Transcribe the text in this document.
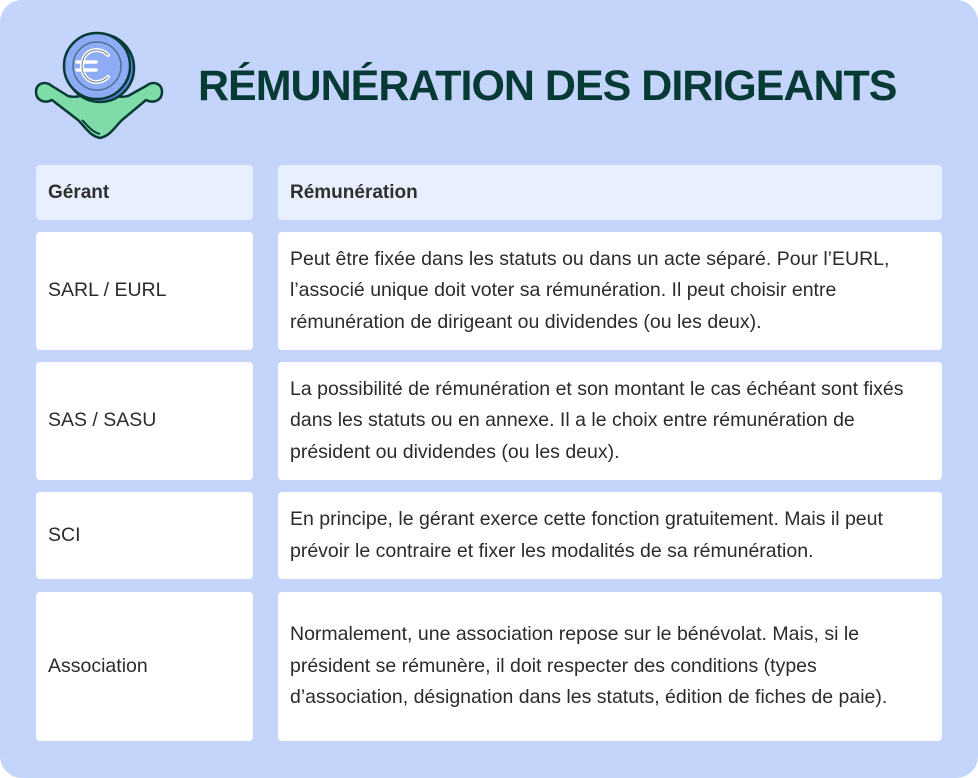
RÉMUNÉRATION DES DIRIGEANTS
Gérant	Rémunération
SARL / EURL
Peut être fixée dans les statuts ou dans un acte séparé. Pour l’EURL, l’associé unique doit voter sa rémunération. Il peut choisir entre rémunération de dirigeant ou dividendes (ou les deux).
SAS / SASU
La possibilité de rémunération et son montant le cas échéant sont fixés dans les statuts ou en annexe. Il a le choix entre rémunération de président ou dividendes (ou les deux).
SCI
En principe, le gérant exerce cette fonction gratuitement. Mais il peut prévoir le contraire et fixer les modalités de sa rémunération.
Association
Normalement, une association repose sur le bénévolat. Mais, si le président se rémunère, il doit respecter des conditions (types d’association, désignation dans les statuts, édition de fiches de paie).
